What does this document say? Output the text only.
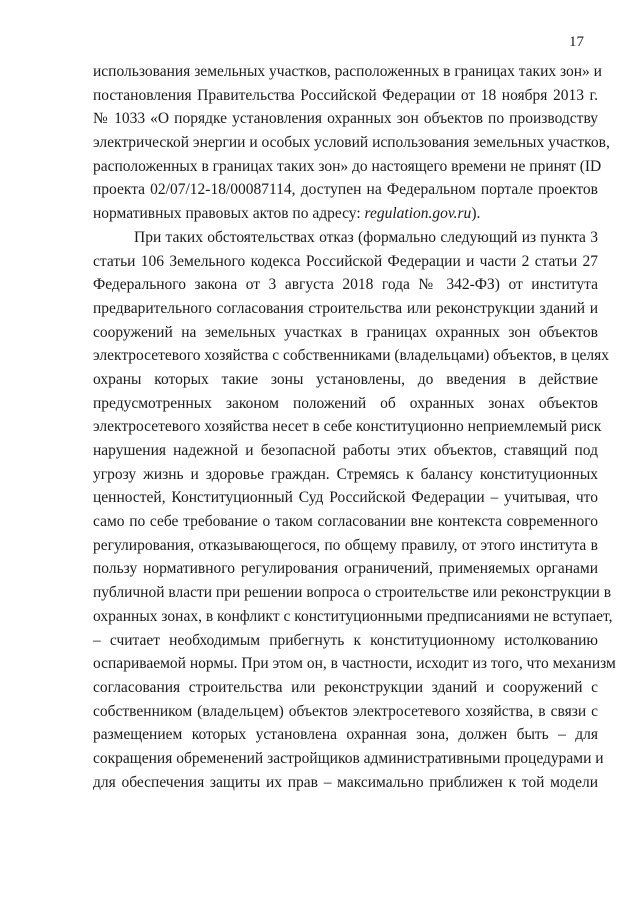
17
использования земельных участков, расположенных в границах таких зон» и
постановления Правительства Российской Федерации от 18 ноября 2013 г.
№ 1033 «О порядке установления охранных зон объектов по производству
электрической энергии и особых условий использования земельных участков,
расположенных в границах таких зон» до настоящего времени не принят (ID
проекта 02/07/12-18/00087114, доступен на Федеральном портале проектов
нормативных правовых актов по адресу: regulation.gov.ru).
При таких обстоятельствах отказ (формально следующий из пункта 3
статьи 106 Земельного кодекса Российской Федерации и части 2 статьи 27
Федерального закона от 3 августа 2018 года № 342-ФЗ) от института
предварительного согласования строительства или реконструкции зданий и
сооружений на земельных участках в границах охранных зон объектов
электросетевого хозяйства с собственниками (владельцами) объектов, в целях
охраны которых такие зоны установлены, до введения в действие
предусмотренных законом положений об охранных зонах объектов
электросетевого хозяйства несет в себе конституционно неприемлемый риск
нарушения надежной и безопасной работы этих объектов, ставящий под
угрозу жизнь и здоровье граждан. Стремясь к балансу конституционных
ценностей, Конституционный Суд Российской Федерации – учитывая, что
само по себе требование о таком согласовании вне контекста современного
регулирования, отказывающегося, по общему правилу, от этого института в
пользу нормативного регулирования ограничений, применяемых органами
публичной власти при решении вопроса о строительстве или реконструкции в
охранных зонах, в конфликт с конституционными предписаниями не вступает,
– считает необходимым прибегнуть к конституционному истолкованию
оспариваемой нормы. При этом он, в частности, исходит из того, что механизм
согласования строительства или реконструкции зданий и сооружений с
собственником (владельцем) объектов электросетевого хозяйства, в связи с
размещением которых установлена охранная зона, должен быть – для
сокращения обременений застройщиков административными процедурами и
для обеспечения защиты их прав – максимально приближен к той модели
